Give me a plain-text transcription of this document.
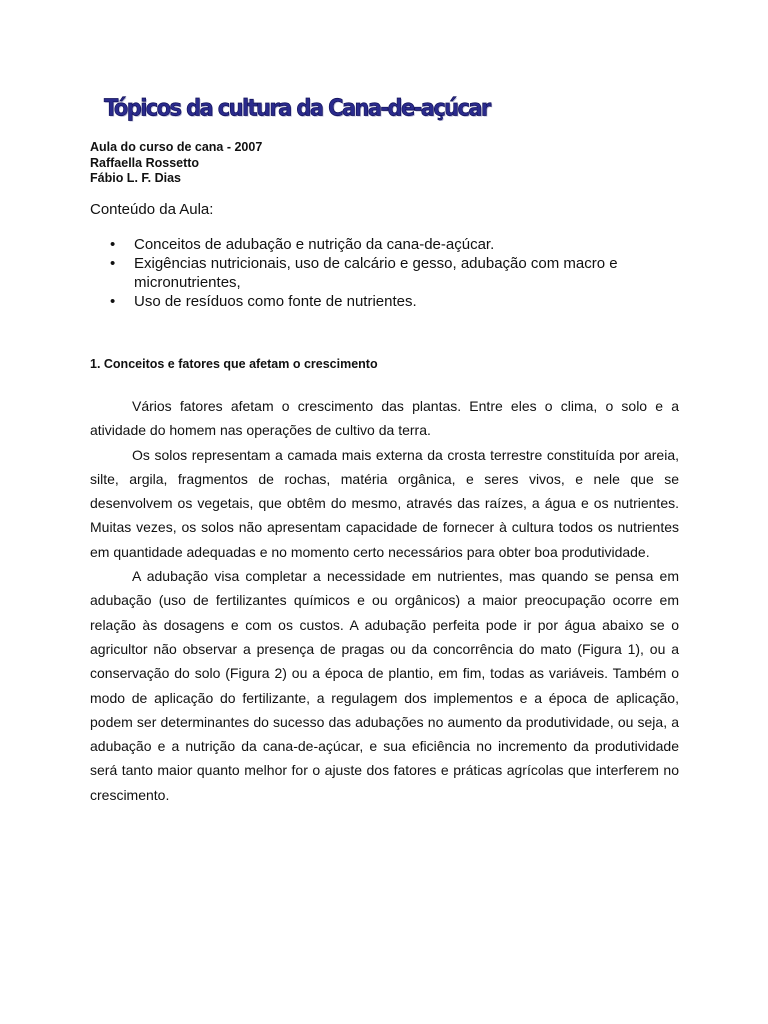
Tópicos da cultura da Cana-de-açúcar
Aula do curso de cana - 2007
Raffaella Rossetto
Fábio L. F. Dias
Conteúdo da Aula:
• Conceitos de adubação e nutrição da cana-de-açúcar.
• Exigências nutricionais, uso de calcário e gesso, adubação com macro e micronutrientes,
• Uso de resíduos como fonte de nutrientes.
1. Conceitos e fatores que afetam o crescimento

Vários fatores afetam o crescimento das plantas. Entre eles o clima, o solo e a atividade do homem nas operações de cultivo da terra.

Os solos representam a camada mais externa da crosta terrestre constituída por areia, silte, argila, fragmentos de rochas, matéria orgânica, e seres vivos, e nele que se desenvolvem os vegetais, que obtêm do mesmo, através das raízes, a água e os nutrientes. Muitas vezes, os solos não apresentam capacidade de fornecer à cultura todos os nutrientes em quantidade adequadas e no momento certo necessários para obter boa produtividade.

A adubação visa completar a necessidade em nutrientes, mas quando se pensa em adubação (uso de fertilizantes químicos e ou orgânicos) a maior preocupação ocorre em relação às dosagens e com os custos. A adubação perfeita pode ir por água abaixo se o agricultor não observar a presença de pragas ou da concorrência do mato (Figura 1), ou a conservação do solo (Figura 2) ou a época de plantio, em fim, todas as variáveis. Também o modo de aplicação do fertilizante, a regulagem dos implementos e a época de aplicação, podem ser determinantes do sucesso das adubações no aumento da produtividade, ou seja, a adubação e a nutrição da cana-de-açúcar, e sua eficiência no incremento da produtividade será tanto maior quanto melhor for o ajuste dos fatores e práticas agrícolas que interferem no crescimento.
